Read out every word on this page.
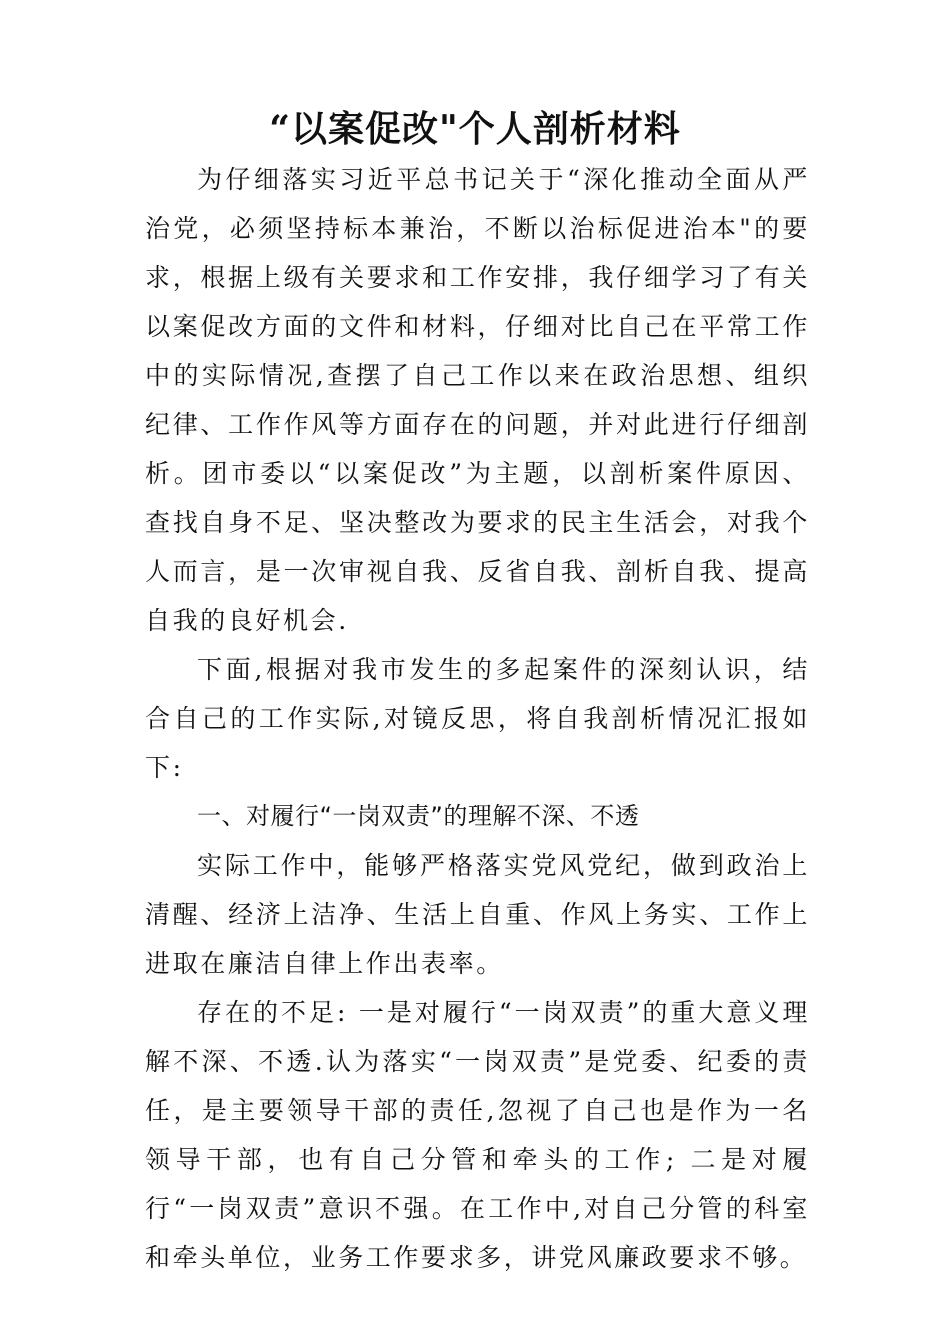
“以案促改"个人剖析材料

为仔细落实习近平总书记关于“深化推动全面从严治党，必须坚持标本兼治，不断以治标促进治本"的要求，根据上级有关要求和工作安排，我仔细学习了有关以案促改方面的文件和材料，仔细对比自己在平常工作中的实际情况,查摆了自己工作以来在政治思想、组织纪律、工作作风等方面存在的问题，并对此进行仔细剖析。团市委以“以案促改”为主题，以剖析案件原因、查找自身不足、坚决整改为要求的民主生活会，对我个人而言，是一次审视自我、反省自我、剖析自我、提高自我的良好机会.

下面,根据对我市发生的多起案件的深刻认识，结合自己的工作实际,对镜反思，将自我剖析情况汇报如下:

一、对履行“一岗双责”的理解不深、不透

实际工作中，能够严格落实党风党纪，做到政治上清醒、经济上洁净、生活上自重、作风上务实、工作上进取在廉洁自律上作出表率。

存在的不足: 一是对履行“一岗双责”的重大意义理解不深、不透.认为落实“一岗双责”是党委、纪委的责任，是主要领导干部的责任,忽视了自己也是作为一名领导干部，也有自己分管和牵头的工作; 二是对履行“一岗双责”意识不强。在工作中,对自己分管的科室和牵头单位，业务工作要求多，讲党风廉政要求不够。
